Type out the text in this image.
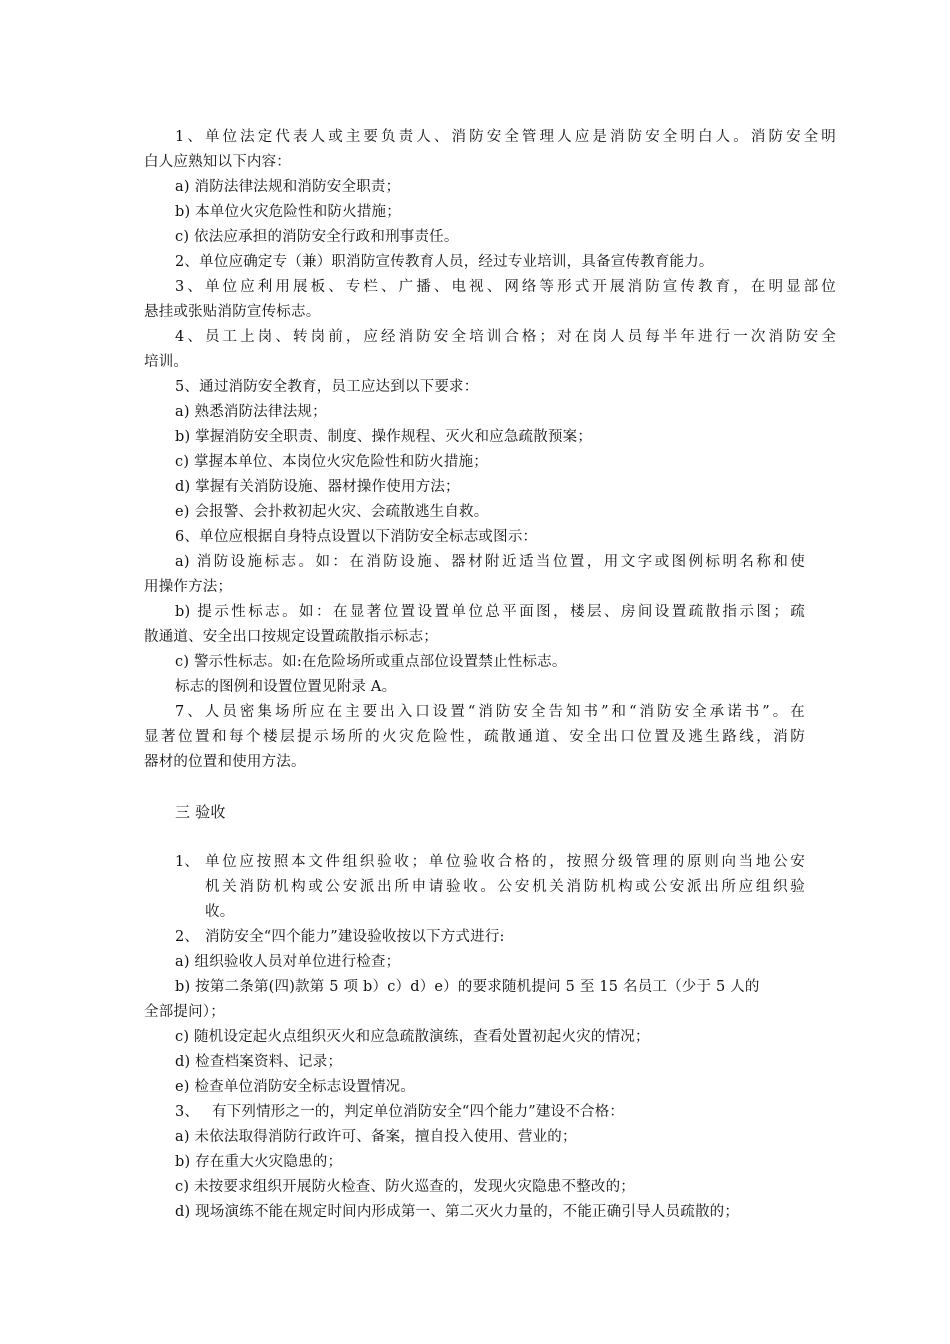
1、单位法定代表人或主要负责人、消防安全管理人应是消防安全明白人。消防安全明
白人应熟知以下内容：
a) 消防法律法规和消防安全职责；
b) 本单位火灾危险性和防火措施；
c) 依法应承担的消防安全行政和刑事责任。
2、单位应确定专（兼）职消防宣传教育人员，经过专业培训，具备宣传教育能力。
3、单位应利用展板、专栏、广播、电视、网络等形式开展消防宣传教育，在明显部位
悬挂或张贴消防宣传标志。
4、员工上岗、转岗前，应经消防安全培训合格；对在岗人员每半年进行一次消防安全
培训。
5、通过消防安全教育，员工应达到以下要求：
a) 熟悉消防法律法规；
b) 掌握消防安全职责、制度、操作规程、灭火和应急疏散预案；
c) 掌握本单位、本岗位火灾危险性和防火措施；
d) 掌握有关消防设施、器材操作使用方法；
e) 会报警、会扑救初起火灾、会疏散逃生自救。
6、单位应根据自身特点设置以下消防安全标志或图示：
a) 消防设施标志。如：在消防设施、器材附近适当位置，用文字或图例标明名称和使
用操作方法；
b) 提示性标志。如：在显著位置设置单位总平面图，楼层、房间设置疏散指示图；疏
散通道、安全出口按规定设置疏散指示标志；
c) 警示性标志。如:在危险场所或重点部位设置禁止性标志。
标志的图例和设置位置见附录 A。
7、人员密集场所应在主要出入口设置“消防安全告知书”和“消防安全承诺书”。在
显著位置和每个楼层提示场所的火灾危险性，疏散通道、安全出口位置及逃生路线，消防
器材的位置和使用方法。
三 验收
1、 单位应按照本文件组织验收；单位验收合格的，按照分级管理的原则向当地公安
机关消防机构或公安派出所申请验收。公安机关消防机构或公安派出所应组织验
收。
2、 消防安全“四个能力”建设验收按以下方式进行:
a) 组织验收人员对单位进行检查；
b) 按第二条第(四)款第 5 项 b）c）d）e）的要求随机提问 5 至 15 名员工（少于 5 人的
全部提问）；
c) 随机设定起火点组织灭火和应急疏散演练，查看处置初起火灾的情况；
d) 检查档案资料、记录；
e) 检查单位消防安全标志设置情况。
3、 有下列情形之一的，判定单位消防安全“四个能力”建设不合格：
a) 未依法取得消防行政许可、备案，擅自投入使用、营业的；
b) 存在重大火灾隐患的；
c) 未按要求组织开展防火检查、防火巡查的，发现火灾隐患不整改的；
d) 现场演练不能在规定时间内形成第一、第二灭火力量的，不能正确引导人员疏散的；
